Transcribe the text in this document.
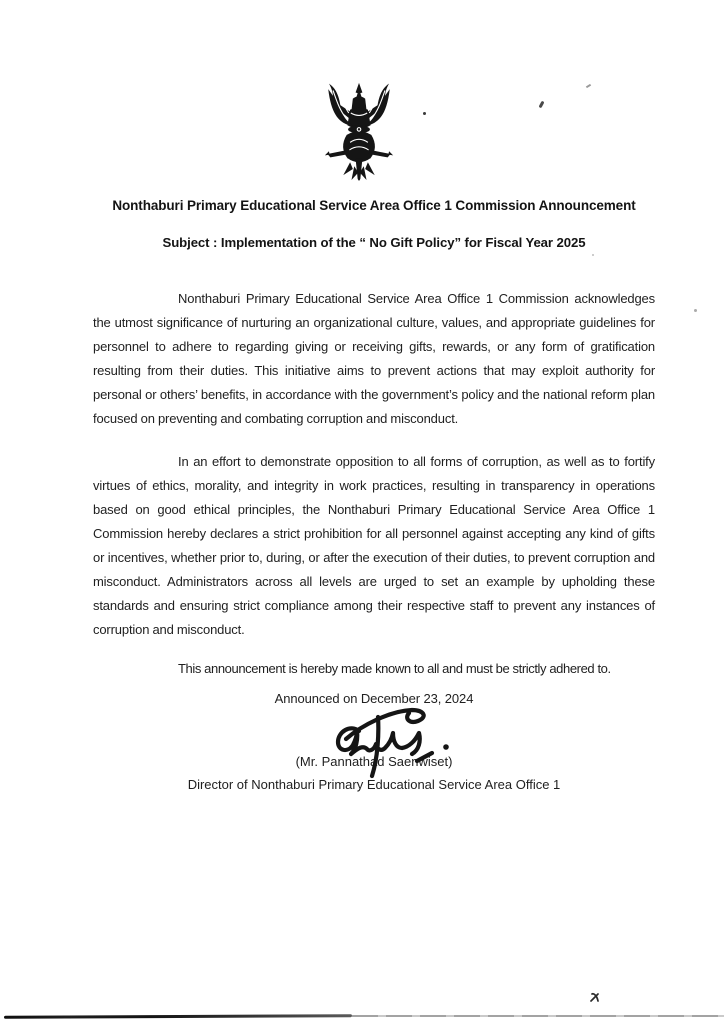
Nonthaburi Primary Educational Service Area Office 1 Commission Announcement
Subject : Implementation of the “ No Gift Policy” for Fiscal Year 2025

Nonthaburi Primary Educational Service Area Office 1 Commission acknowledges the utmost significance of nurturing an organizational culture, values, and appropriate guidelines for personnel to adhere to regarding giving or receiving gifts, rewards, or any form of gratification resulting from their duties. This initiative aims to prevent actions that may exploit authority for personal or others’ benefits, in accordance with the government’s policy and the national reform plan focused on preventing and combating corruption and misconduct.

In an effort to demonstrate opposition to all forms of corruption, as well as to fortify virtues of ethics, morality, and integrity in work practices, resulting in transparency in operations based on good ethical principles, the Nonthaburi Primary Educational Service Area Office 1 Commission hereby declares a strict prohibition for all personnel against accepting any kind of gifts or incentives, whether prior to, during, or after the execution of their duties, to prevent corruption and misconduct. Administrators across all levels are urged to set an example by upholding these standards and ensuring strict compliance among their respective staff to prevent any instances of corruption and misconduct.

This announcement is hereby made known to all and must be strictly adhered to.

Announced on December 23, 2024

(Mr. Pannathad Saenwiset)

Director of Nonthaburi Primary Educational Service Area Office 1
